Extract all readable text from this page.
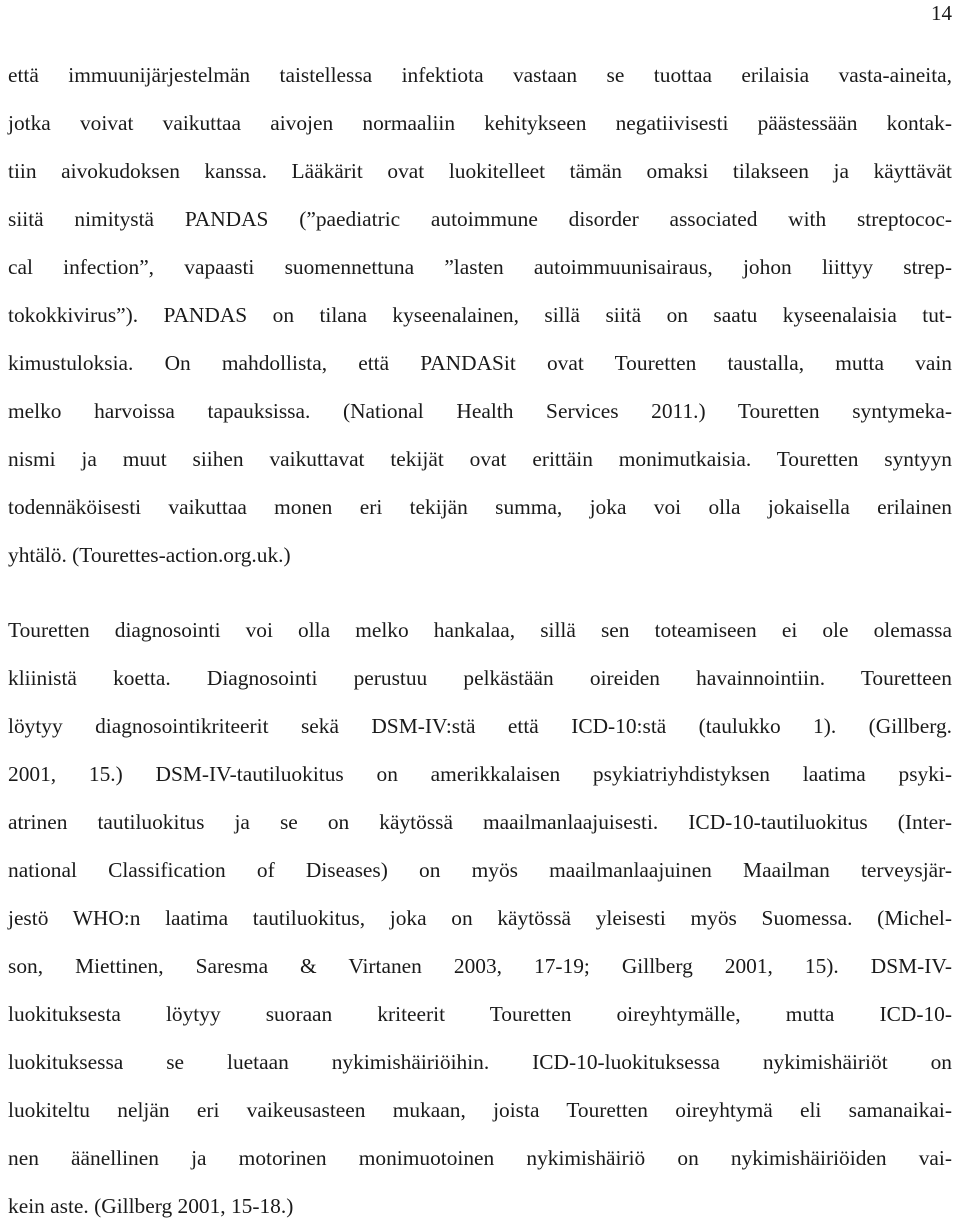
14
että immuunijärjestelmän taistellessa infektiota vastaan se tuottaa erilaisia vasta-aineita,
jotka voivat vaikuttaa aivojen normaaliin kehitykseen negatiivisesti päästessään kontak-
tiin aivokudoksen kanssa. Lääkärit ovat luokitelleet tämän omaksi tilakseen ja käyttävät
siitä nimitystä PANDAS (”paediatric autoimmune disorder associated with streptococ-
cal infection”, vapaasti suomennettuna ”lasten autoimmuunisairaus, johon liittyy strep-
tokokkivirus”). PANDAS on tilana kyseenalainen, sillä siitä on saatu kyseenalaisia tut-
kimustuloksia. On mahdollista, että PANDASit ovat Touretten taustalla, mutta vain
melko harvoissa tapauksissa. (National Health Services 2011.) Touretten syntymeka-
nismi ja muut siihen vaikuttavat tekijät ovat erittäin monimutkaisia. Touretten syntyyn
todennäköisesti vaikuttaa monen eri tekijän summa, joka voi olla jokaisella erilainen
yhtälö. (Tourettes-action.org.uk.)
Touretten diagnosointi voi olla melko hankalaa, sillä sen toteamiseen ei ole olemassa
kliinistä koetta. Diagnosointi perustuu pelkästään oireiden havainnointiin. Touretteen
löytyy diagnosointikriteerit sekä DSM-IV:stä että ICD-10:stä (taulukko 1). (Gillberg.
2001, 15.) DSM-IV-tautiluokitus on amerikkalaisen psykiatriyhdistyksen laatima psyki-
atrinen tautiluokitus ja se on käytössä maailmanlaajuisesti. ICD-10-tautiluokitus (Inter-
national Classification of Diseases) on myös maailmanlaajuinen Maailman terveysjär-
jestö WHO:n laatima tautiluokitus, joka on käytössä yleisesti myös Suomessa. (Michel-
son, Miettinen, Saresma & Virtanen 2003, 17-19; Gillberg 2001, 15). DSM-IV-
luokituksesta löytyy suoraan kriteerit Touretten oireyhtymälle, mutta ICD-10-
luokituksessa se luetaan nykimishäiriöihin. ICD-10-luokituksessa nykimishäiriöt on
luokiteltu neljän eri vaikeusasteen mukaan, joista Touretten oireyhtymä eli samanaikai-
nen äänellinen ja motorinen monimuotoinen nykimishäiriö on nykimishäiriöiden vai-
kein aste. (Gillberg 2001, 15-18.)
